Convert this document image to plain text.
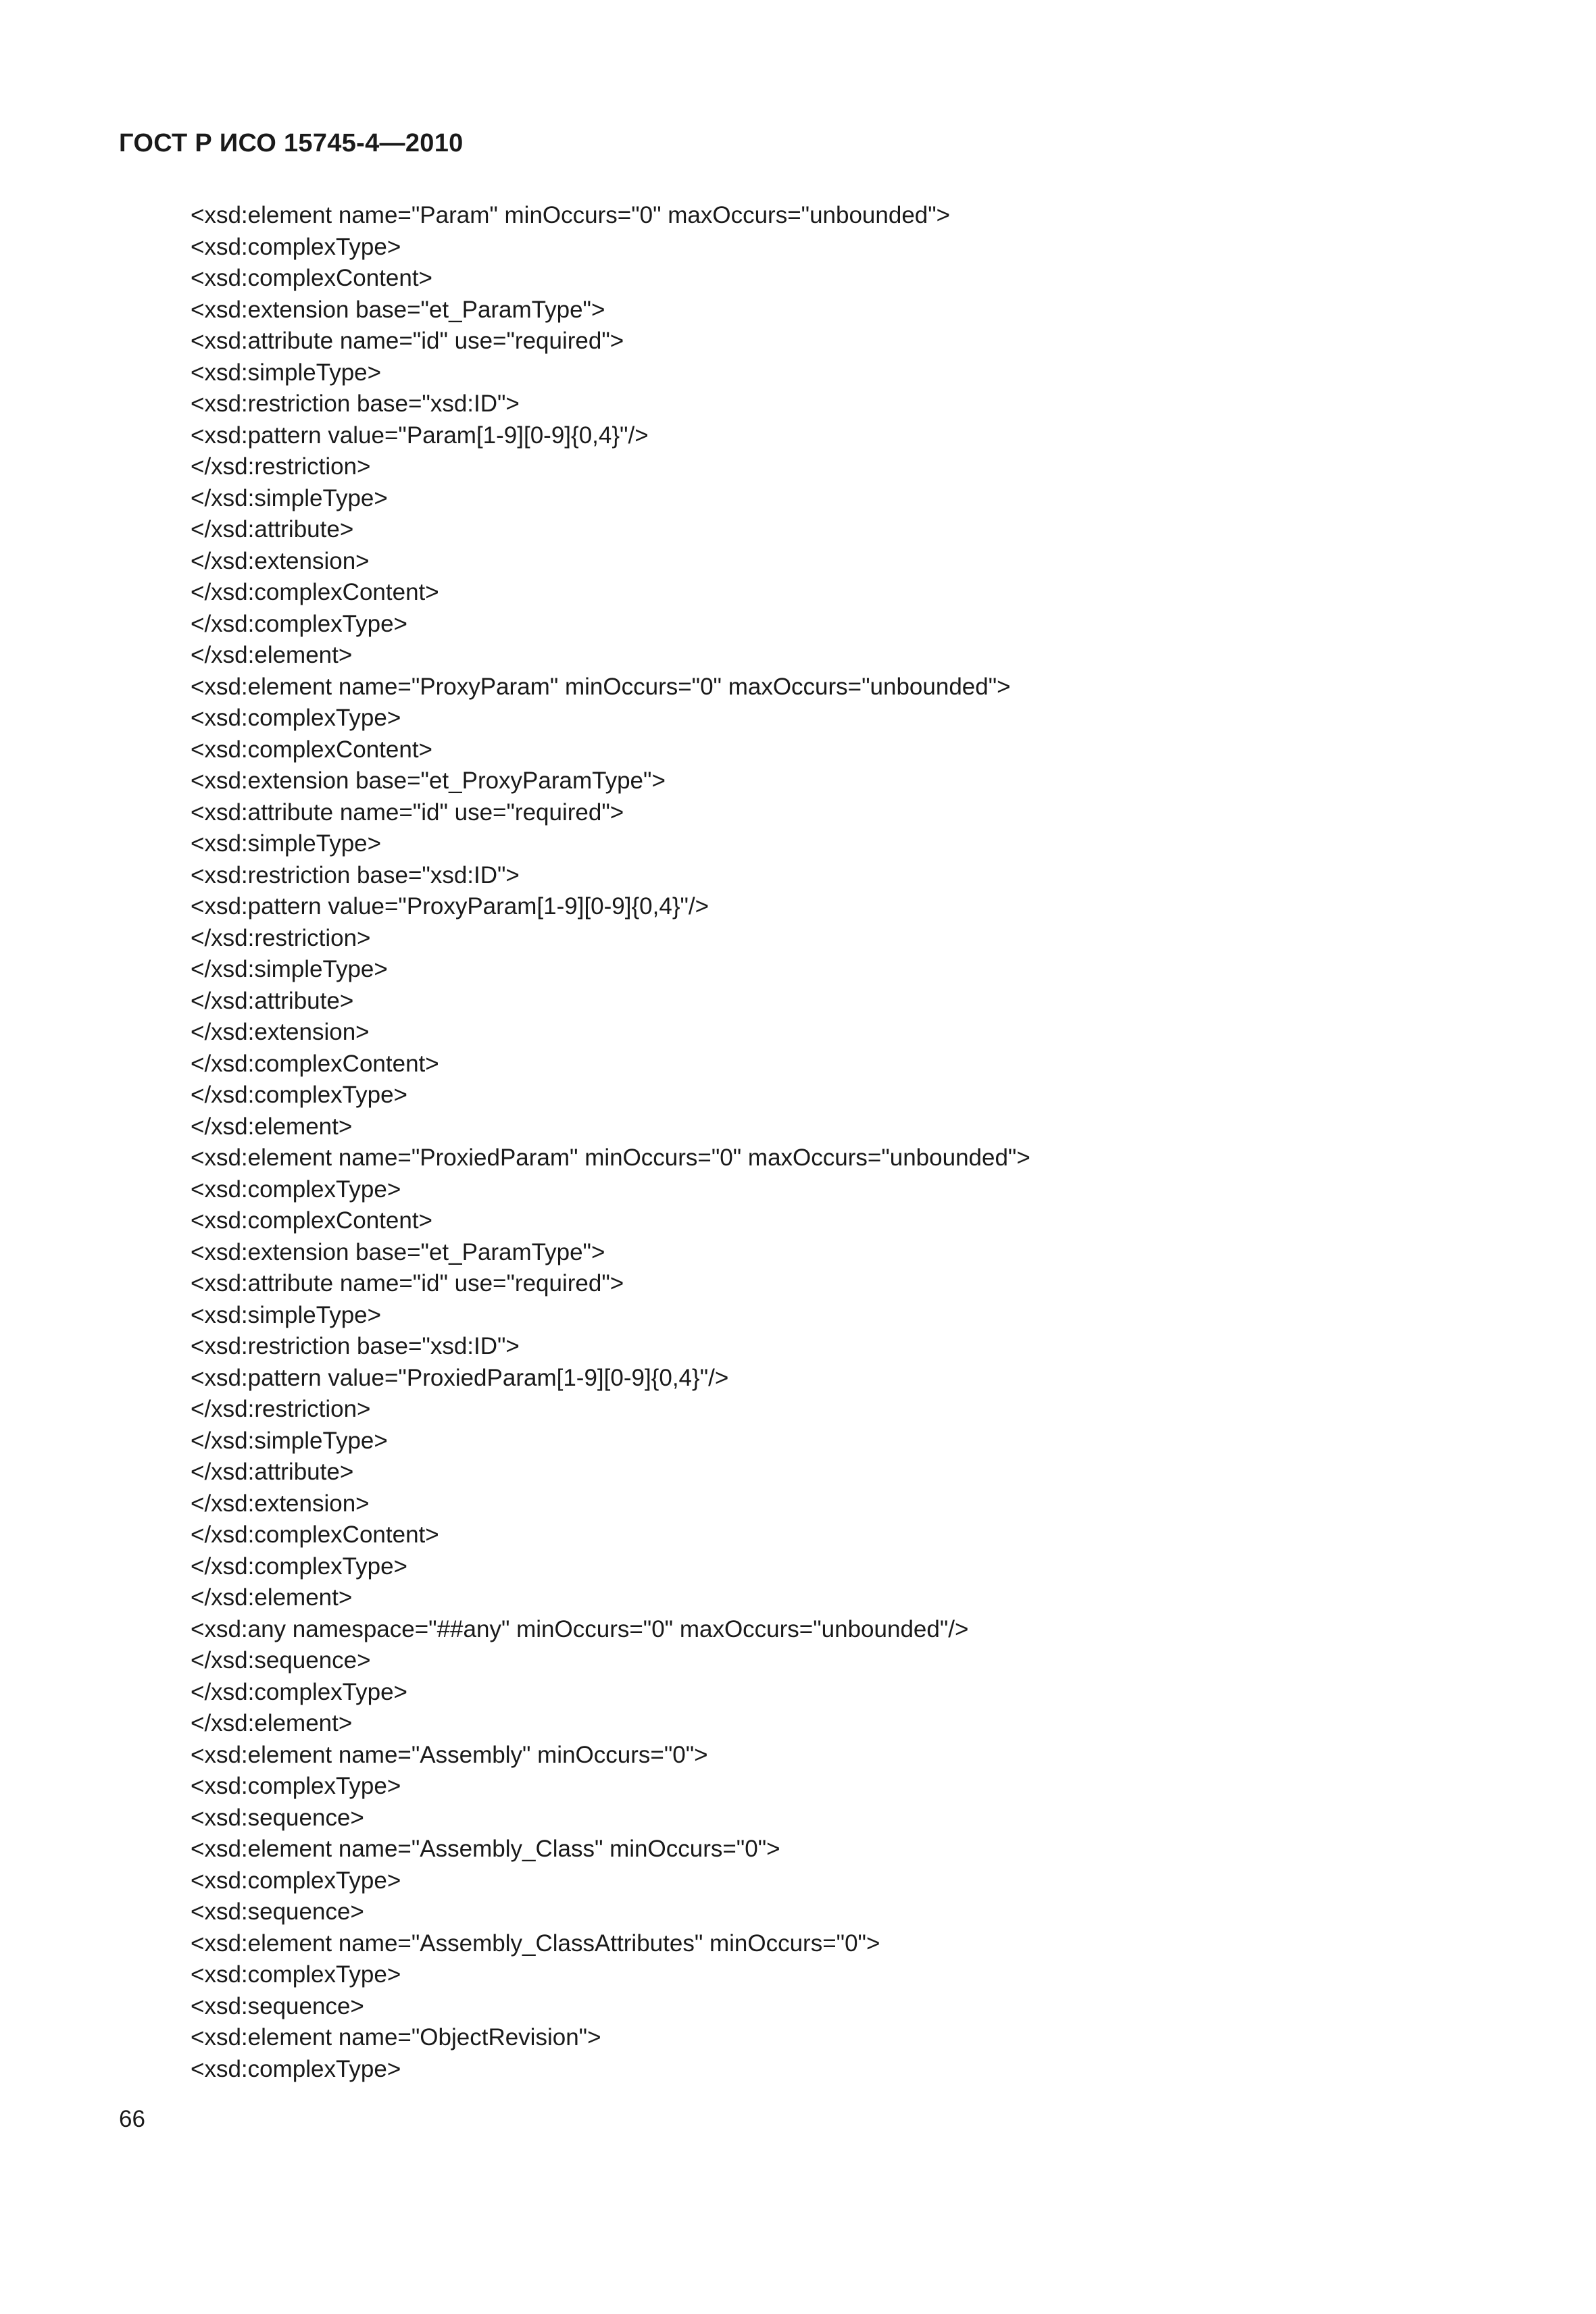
ГОСТ Р ИСО 15745-4—2010
<xsd:element name="Param" minOccurs="0" maxOccurs="unbounded">
<xsd:complexType>
<xsd:complexContent>
<xsd:extension base="et_ParamType">
<xsd:attribute name="id" use="required">
<xsd:simpleType>
<xsd:restriction base="xsd:ID">
<xsd:pattern value="Param[1-9][0-9]{0,4}"/>
</xsd:restriction>
</xsd:simpleType>
</xsd:attribute>
</xsd:extension>
</xsd:complexContent>
</xsd:complexType>
</xsd:element>
<xsd:element name="ProxyParam" minOccurs="0" maxOccurs="unbounded">
<xsd:complexType>
<xsd:complexContent>
<xsd:extension base="et_ProxyParamType">
<xsd:attribute name="id" use="required">
<xsd:simpleType>
<xsd:restriction base="xsd:ID">
<xsd:pattern value="ProxyParam[1-9][0-9]{0,4}"/>
</xsd:restriction>
</xsd:simpleType>
</xsd:attribute>
</xsd:extension>
</xsd:complexContent>
</xsd:complexType>
</xsd:element>
<xsd:element name="ProxiedParam" minOccurs="0" maxOccurs="unbounded">
<xsd:complexType>
<xsd:complexContent>
<xsd:extension base="et_ParamType">
<xsd:attribute name="id" use="required">
<xsd:simpleType>
<xsd:restriction base="xsd:ID">
<xsd:pattern value="ProxiedParam[1-9][0-9]{0,4}"/>
</xsd:restriction>
</xsd:simpleType>
</xsd:attribute>
</xsd:extension>
</xsd:complexContent>
</xsd:complexType>
</xsd:element>
<xsd:any namespace="##any" minOccurs="0" maxOccurs="unbounded"/>
</xsd:sequence>
</xsd:complexType>
</xsd:element>
<xsd:element name="Assembly" minOccurs="0">
<xsd:complexType>
<xsd:sequence>
<xsd:element name="Assembly_Class" minOccurs="0">
<xsd:complexType>
<xsd:sequence>
<xsd:element name="Assembly_ClassAttributes" minOccurs="0">
<xsd:complexType>
<xsd:sequence>
<xsd:element name="ObjectRevision">
<xsd:complexType>
66
